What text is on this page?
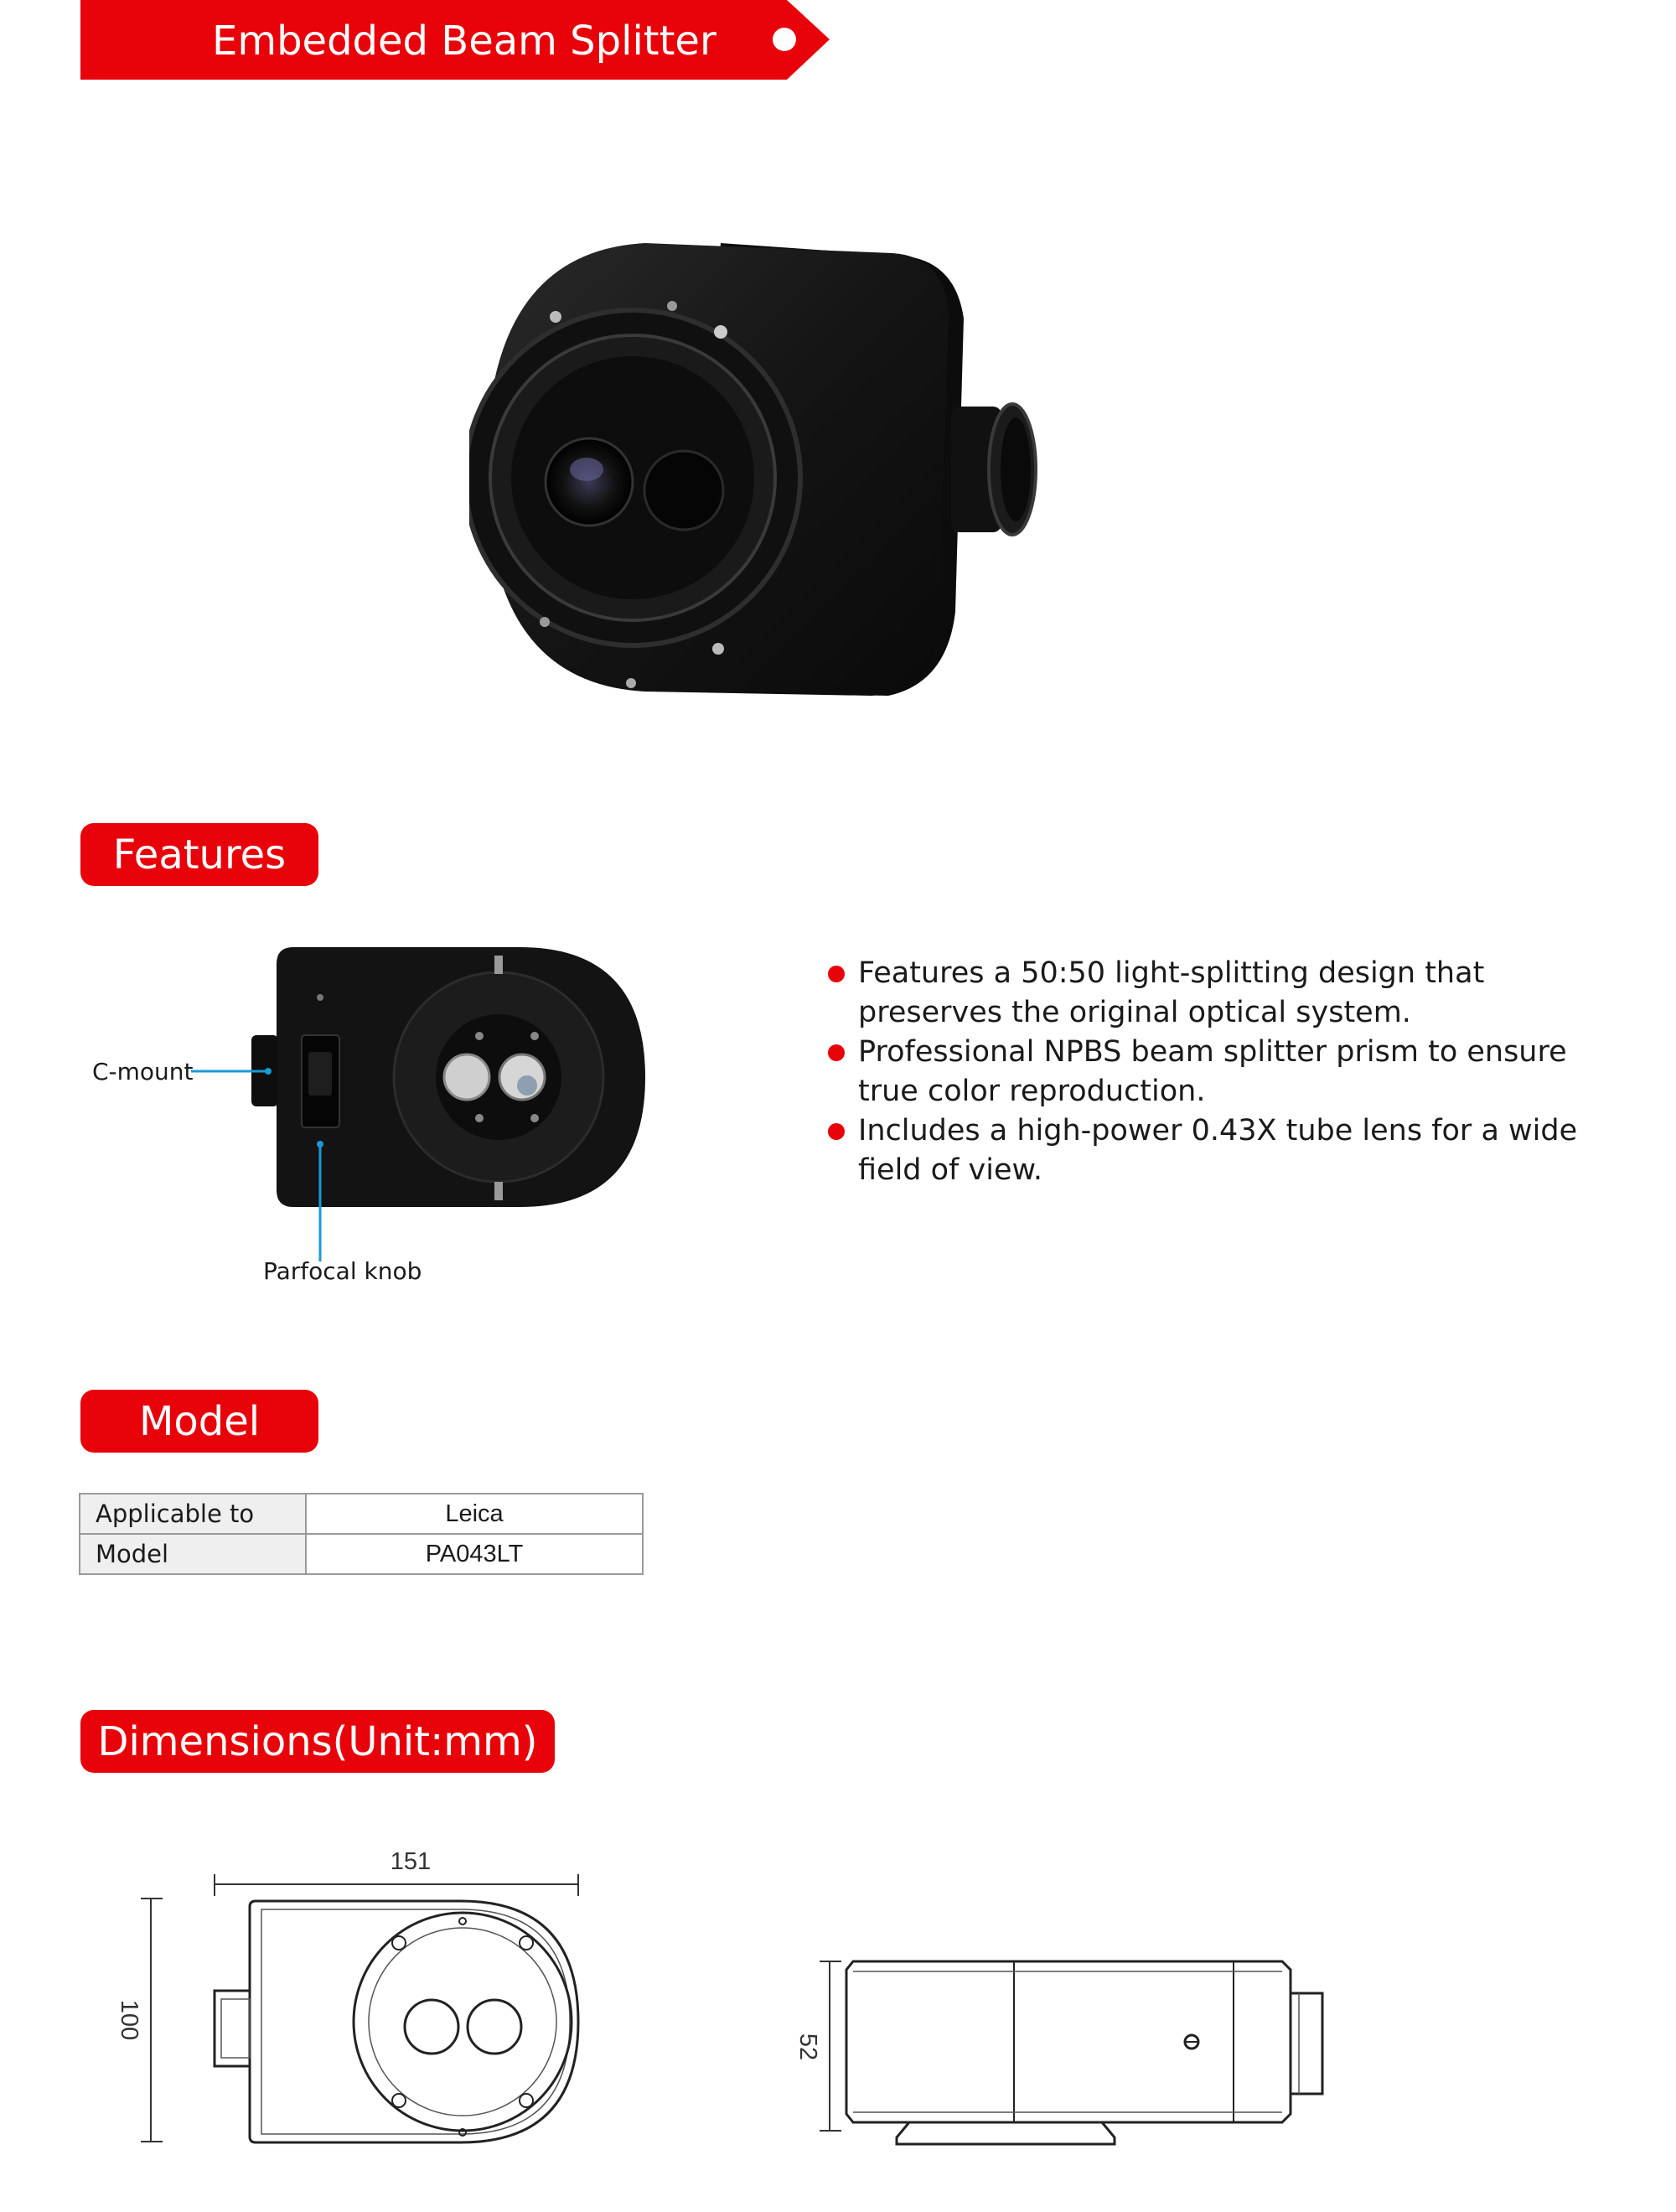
Embedded Beam Splitter
Features
C-mount
Parfocal knob
Features a 50:50 light-splitting design that preserves the original optical system.
Professional NPBS beam splitter prism to ensure true color reproduction.
Includes a high-power 0.43X tube lens for a wide field of view.
Model
Applicable to	Leica
Model	PA043LT
Dimensions(Unit:mm)
151
100
52
